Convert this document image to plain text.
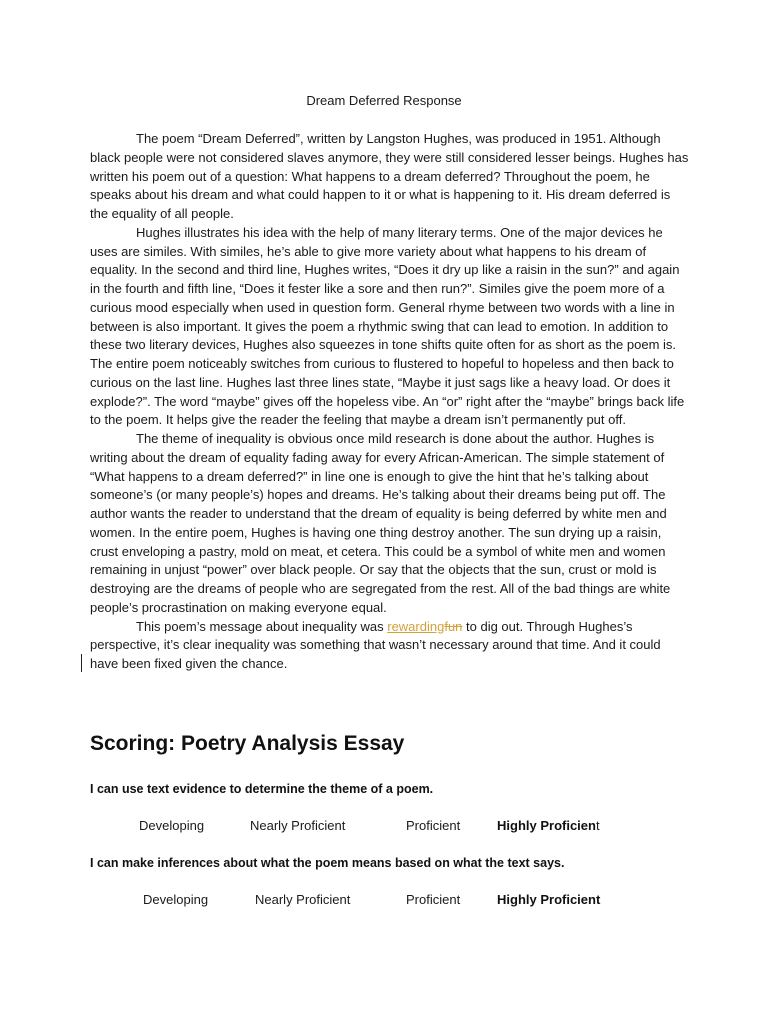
Dream Deferred Response

The poem “Dream Deferred”, written by Langston Hughes, was produced in 1951. Although black people were not considered slaves anymore, they were still considered lesser beings. Hughes has written his poem out of a question: What happens to a dream deferred? Throughout the poem, he speaks about his dream and what could happen to it or what is happening to it. His dream deferred is the equality of all people.

Hughes illustrates his idea with the help of many literary terms. One of the major devices he uses are similes. With similes, he’s able to give more variety about what happens to his dream of equality. In the second and third line, Hughes writes, “Does it dry up like a raisin in the sun?” and again in the fourth and fifth line, “Does it fester like a sore and then run?”. Similes give the poem more of a curious mood especially when used in question form. General rhyme between two words with a line in between is also important. It gives the poem a rhythmic swing that can lead to emotion. In addition to these two literary devices, Hughes also squeezes in tone shifts quite often for as short as the poem is. The entire poem noticeably switches from curious to flustered to hopeful to hopeless and then back to curious on the last line. Hughes last three lines state, “Maybe it just sags like a heavy load. Or does it explode?”. The word “maybe” gives off the hopeless vibe. An “or” right after the “maybe” brings back life to the poem. It helps give the reader the feeling that maybe a dream isn’t permanently put off.

The theme of inequality is obvious once mild research is done about the author. Hughes is writing about the dream of equality fading away for every African-American. The simple statement of “What happens to a dream deferred?” in line one is enough to give the hint that he’s talking about someone’s (or many people’s) hopes and dreams. He’s talking about their dreams being put off. The author wants the reader to understand that the dream of equality is being deferred by white men and women. In the entire poem, Hughes is having one thing destroy another. The sun drying up a raisin, crust enveloping a pastry, mold on meat, et cetera. This could be a symbol of white men and women remaining in unjust “power” over black people. Or say that the objects that the sun, crust or mold is destroying are the dreams of people who are segregated from the rest. All of the bad things are white people’s procrastination on making everyone equal.

This poem’s message about inequality was rewardingfun to dig out. Through Hughes’s perspective, it’s clear inequality was something that wasn’t necessary around that time. And it could have been fixed given the chance.

Scoring: Poetry Analysis Essay
I can use text evidence to determine the theme of a poem.
Developing	Nearly Proficient	Proficient	Highly Proficient
I can make inferences about what the poem means based on what the text says.
Developing	Nearly Proficient	Proficient	Highly Proficient
